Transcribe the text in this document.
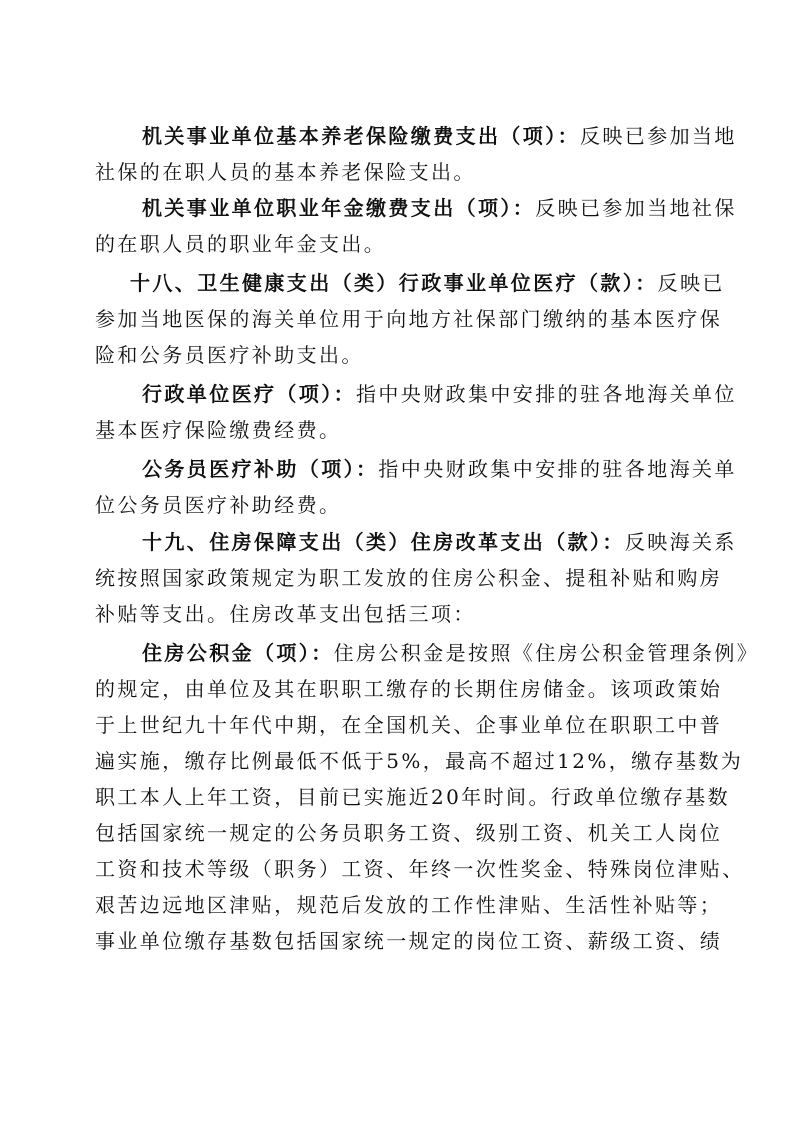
机关事业单位基本养老保险缴费支出（项）：反映已参加当地
社保的在职人员的基本养老保险支出。
机关事业单位职业年金缴费支出（项）：反映已参加当地社保
的在职人员的职业年金支出。
十八、卫生健康支出（类）行政事业单位医疗（款）：反映已
参加当地医保的海关单位用于向地方社保部门缴纳的基本医疗保
险和公务员医疗补助支出。
行政单位医疗（项）：指中央财政集中安排的驻各地海关单位
基本医疗保险缴费经费。
公务员医疗补助（项）：指中央财政集中安排的驻各地海关单
位公务员医疗补助经费。
十九、住房保障支出（类）住房改革支出（款）：反映海关系
统按照国家政策规定为职工发放的住房公积金、提租补贴和购房
补贴等支出。住房改革支出包括三项：
住房公积金（项）：住房公积金是按照《住房公积金管理条例》
的规定，由单位及其在职职工缴存的长期住房储金。该项政策始
于上世纪九十年代中期，在全国机关、企事业单位在职职工中普
遍实施，缴存比例最低不低于5%，最高不超过12%，缴存基数为
职工本人上年工资，目前已实施近20年时间。行政单位缴存基数
包括国家统一规定的公务员职务工资、级别工资、机关工人岗位
工资和技术等级（职务）工资、年终一次性奖金、特殊岗位津贴、
艰苦边远地区津贴，规范后发放的工作性津贴、生活性补贴等；
事业单位缴存基数包括国家统一规定的岗位工资、薪级工资、绩
